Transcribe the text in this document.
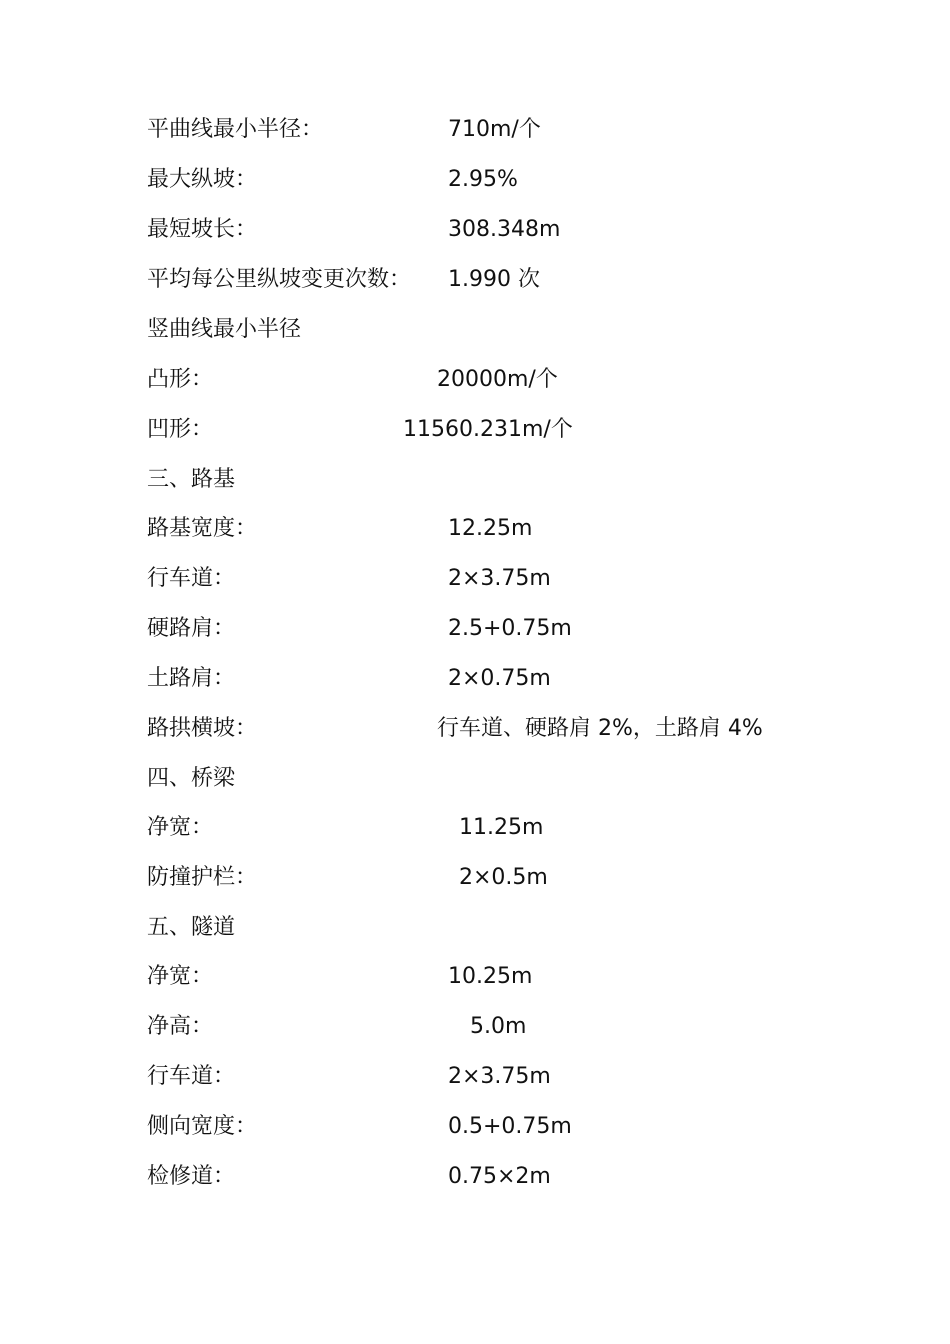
平曲线最小半径：	710m/个
最大纵坡：	2.95%
最短坡长：	308.348m
平均每公里纵坡变更次数： 1.990 次
竖曲线最小半径
凸形：	20000m/个
凹形：	11560.231m/个
三、路基
路基宽度：	12.25m
行车道：	2×3.75m
硬路肩：	2.5+0.75m
土路肩：	2×0.75m
路拱横坡：	行车道、硬路肩 2%，土路肩 4%
四、桥梁
净宽：	11.25m
防撞护栏：	2×0.5m
五、隧道
净宽：	10.25m
净高：	5.0m
行车道：	2×3.75m
侧向宽度：	0.5+0.75m
检修道：	0.75×2m
